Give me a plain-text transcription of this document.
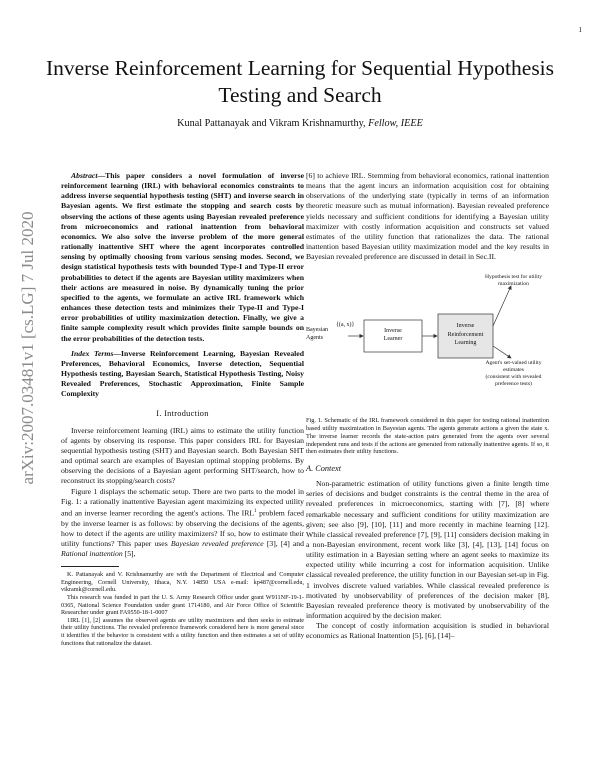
1
arXiv:2007.03481v1 [cs.LG] 7 Jul 2020
Inverse Reinforcement Learning for Sequential Hypothesis Testing and Search
Kunal Pattanayak and Vikram Krishnamurthy, Fellow, IEEE

Abstract—This paper considers a novel formulation of inverse reinforcement learning (IRL) with behavioral economics constraints to address inverse sequential hypothesis testing (SHT) and inverse search in Bayesian agents. We first estimate the stopping and search costs by observing the actions of these agents using Bayesian revealed preference from microeconomics and rational inattention from behavioral economics. We also solve the inverse problem of the more general rationally inattentive SHT where the agent incorporates controlled sensing by optimally choosing from various sensing modes. Second, we design statistical hypothesis tests with bounded Type-I and Type-II error probabilities to detect if the agents are Bayesian utility maximizers when their actions are measured in noise. By dynamically tuning the prior specified to the agents, we formulate an active IRL framework which enhances these detection tests and minimizes their Type-II and Type-I error probabilities of utility maximization detection. Finally, we give a finite sample complexity result which provides finite sample bounds on the error probabilities of the detection tests.

Index Terms—Inverse Reinforcement Learning, Bayesian Revealed Preferences, Behavioral Economics, Inverse detection, Sequential Hypothesis testing, Bayesian Search, Statistical Hypothesis Testing, Noisy Revealed Preferences, Stochastic Approximation, Finite Sample Complexity

I. Introduction

Inverse reinforcement learning (IRL) aims to estimate the utility function of agents by observing its response. This paper considers IRL for Bayesian sequential hypothesis testing (SHT) and Bayesian search. Both Bayesian SHT and optimal search are examples of Bayesian optimal stopping problems. By observing the decisions of a Bayesian agent performing SHT/search, how to reconstruct its stopping/search costs?

Figure 1 displays the schematic setup. There are two parts to the model in Fig. 1: a rationally inattentive Bayesian agent maximizing its expected utility and an inverse learner recording the agent's actions. The IRL$^1$ problem faced by the inverse learner is as follows: by observing the decisions of the agents, how to detect if the agents are utility maximizers? If so, how to estimate their utility functions? This paper uses Bayesian revealed preference [3], [4] and Rational inattention [5],

K. Pattanayak and V. Krishnamurthy are with the Department of Electrical and Computer Engineering, Cornell University, Ithaca, N.Y. 14850 USA e-mail: kp487@cornell.edu, vikramk@cornell.edu.

This research was funded in part the U. S. Army Research Office under grant W911NF-19-1-0365, National Science Foundation under grant 1714180, and Air Force Office of Scientific Researcher under grant FA9550-18-1-0007

1IRL [1], [2] assumes the observed agents are utility maximizers and then seeks to estimate their utility functions. The revealed preference framework considered here is more general since it identifies if the behavior is consistent with a utility function and then estimates a set of utility functions that rationalize the dataset.

[6] to achieve IRL. Stemming from behavioral economics, rational inattention means that the agent incurs an information acquisition cost for obtaining observations of the underlying state (typically in terms of an information theoretic measure such as mutual information). Bayesian revealed preference yields necessary and sufficient conditions for identifying a Bayesian utility maximizer with costly information acquisition and constructs set valued estimates of the utility function that rationalizes the data. The rational inattention based Bayesian utility maximization model and the key results in Bayesian revealed preference are discussed in detail in Sec.II.

Bayesian
Agents
{(a, x)}
Inverse
Learner
Inverse
Reinforcement
Learning
Hypothesis test for utility
maximization
Agent's set-valued utility
estimates
(consistent with revealed
preference tests)

Fig. 1. Schematic of the IRL framework considered in this paper for testing rational inattention based utility maximization in Bayesian agents. The agents generate actions a given the state x. The inverse learner records the state-action pairs generated from the agents over several independent runs and tests if the actions are generated from rationally inattentive agents. If so, it then estimates their utility functions.

A. Context

Non-parametric estimation of utility functions given a finite length time series of decisions and budget constraints is the central theme in the area of revealed preferences in microeconomics, starting with [7], [8] where remarkable necessary and sufficient conditions for utility maximization are given; see also [9], [10], [11] and more recently in machine learning [12]. While classical revealed preference [7], [9], [11] considers decision making in a non-Bayesian environment, recent work like [3], [4], [13], [14] focus on utility estimation in a Bayesian setting where an agent seeks to maximize its expected utility while incurring a cost for information acquisition. Unlike classical revealed preference, the utility function in our Bayesian set-up in Fig. 1 involves discrete valued variables. While classical revealed preference is motivated by unobservability of preferences of the decision maker [8], Bayesian revealed preference theory is motivated by unobservability of the information acquired by the decision maker.

The concept of costly information acquisition is studied in behavioral economics as Rational Inattention [5], [6], [14]–
